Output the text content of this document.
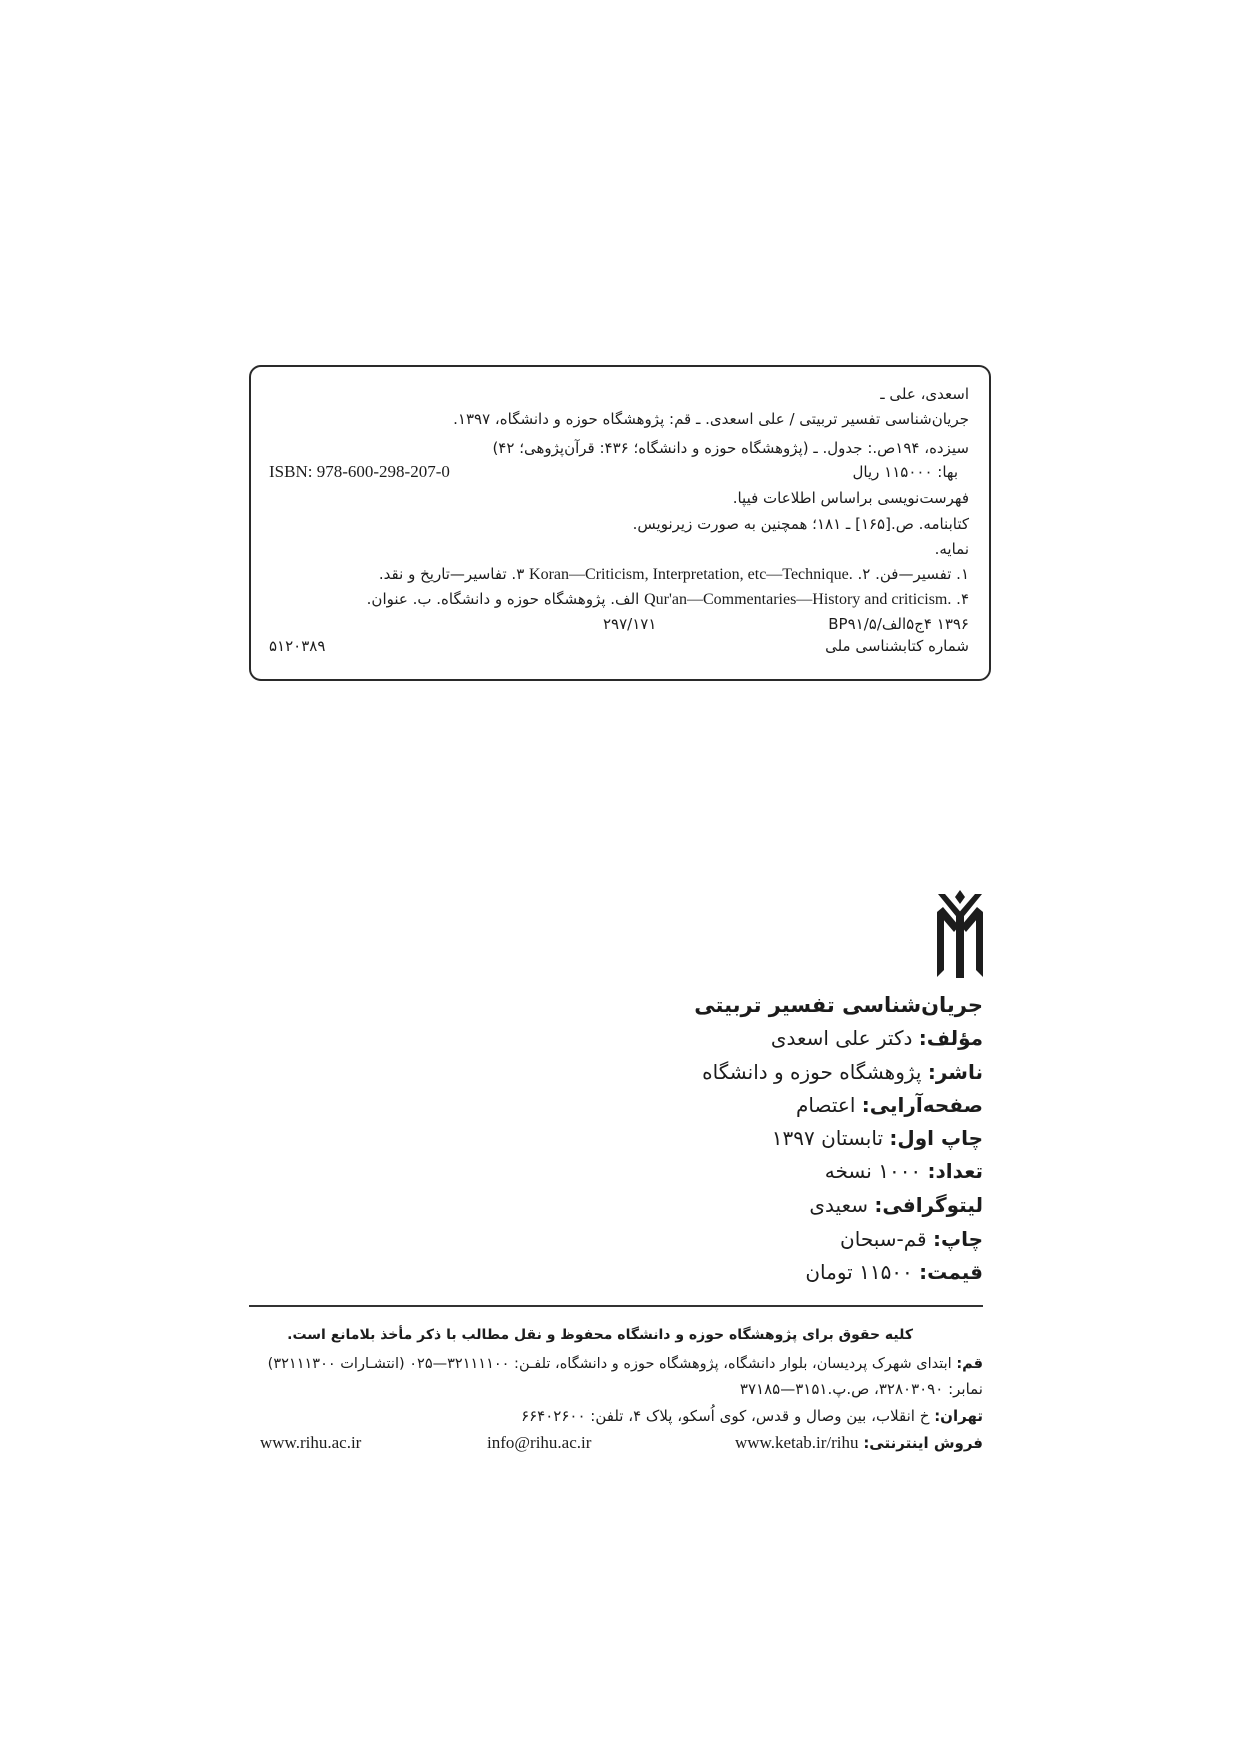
اسعدی، علی ـ
جریان‌شناسی تفسیر تربیتی / علی اسعدی. ـ قم: پژوهشگاه حوزه و دانشگاه، ۱۳۹۷.
سیزده، ۱۹۴ص.: جدول. ـ (پژوهشگاه حوزه و دانشگاه؛ ۴۳۶: قرآن‌پژوهی؛ ۴۲)
بها: ۱۱۵۰۰۰ ریال
ISBN: 978-600-298-207-0
فهرست‌نویسی براساس اطلاعات فیپا.
کتابنامه. ص.[۱۶۵] ـ ۱۸۱؛ همچنین به صورت زیرنویس.
نمایه.
۱. تفسیر—فن. ۲. Koran—Criticism, Interpretation, etc—Technique. ۳. تفاسیر—تاریخ و نقد.
۴. Qur'an—Commentaries—History and criticism. الف. پژوهشگاه حوزه و دانشگاه. ب. عنوان.
۱۳۹۶ ۴ج۵الف/۵/BP۹۱
۲۹۷/۱۷۱
شماره کتابشناسی ملی
۵۱۲۰۳۸۹
جریان‌شناسی تفسیر تربیتی
مؤلف: دکتر علی اسعدی
ناشر: پژوهشگاه حوزه و دانشگاه
صفحه‌آرایی: اعتصام
چاپ اول: تابستان ۱۳۹۷
تعداد: ۱۰۰۰ نسخه
لیتوگرافی: سعیدی
چاپ: قم-سبحان
قیمت: ۱۱۵۰۰ تومان
کلیه حقوق برای پژوهشگاه حوزه و دانشگاه محفوظ و نقل مطالب با ذکر مأخذ بلامانع است.
قم: ابتدای شهرک پردیسان، بلوار دانشگاه، پژوهشگاه حوزه و دانشگاه، تلفـن: ۳۲۱۱۱۱۰۰—۰۲۵ (انتشـارات ۳۲۱۱۱۳۰۰)
نمابر: ۳۲۸۰۳۰۹۰، ص.پ.۳۱۵۱—۳۷۱۸۵
تهران: خ انقلاب، بین وصال و قدس، کوی اُسکو، پلاک ۴، تلفن: ۶۶۴۰۲۶۰۰
فروش اینترنتی: www.ketab.ir/rihu
info@rihu.ac.ir
www.rihu.ac.ir
